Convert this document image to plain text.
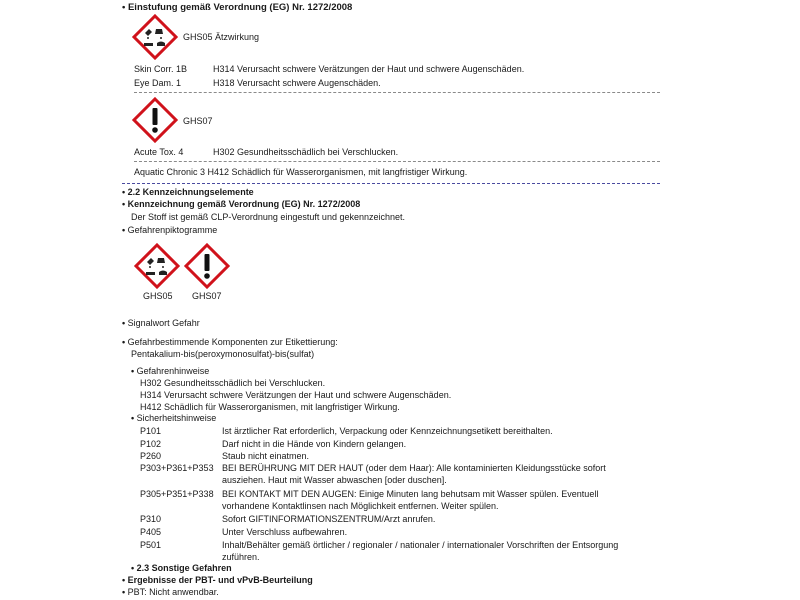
• Einstufung gemäß Verordnung (EG) Nr. 1272/2008
GHS05 Ätzwirkung
Skin Corr. 1B	H314 Verursacht schwere Verätzungen der Haut und schwere Augenschäden.
Eye Dam. 1	H318 Verursacht schwere Augenschäden.
GHS07
Acute Tox. 4	H302 Gesundheitsschädlich bei Verschlucken.
Aquatic Chronic 3 H412 Schädlich für Wasserorganismen, mit langfristiger Wirkung.
• 2.2 Kennzeichnungselemente
• Kennzeichnung gemäß Verordnung (EG) Nr. 1272/2008
Der Stoff ist gemäß CLP-Verordnung eingestuft und gekennzeichnet.
• Gefahrenpiktogramme
GHS05 GHS07
• Signalwort Gefahr
• Gefahrbestimmende Komponenten zur Etikettierung:
Pentakalium-bis(peroxymonosulfat)-bis(sulfat)
• Gefahrenhinweise
H302 Gesundheitsschädlich bei Verschlucken.
H314 Verursacht schwere Verätzungen der Haut und schwere Augenschäden.
H412 Schädlich für Wasserorganismen, mit langfristiger Wirkung.
• Sicherheitshinweise
P101	Ist ärztlicher Rat erforderlich, Verpackung oder Kennzeichnungsetikett bereithalten.
P102	Darf nicht in die Hände von Kindern gelangen.
P260	Staub nicht einatmen.
P303+P361+P353 BEI BERÜHRUNG MIT DER HAUT (oder dem Haar): Alle kontaminierten Kleidungsstücke sofort
ausziehen. Haut mit Wasser abwaschen [oder duschen].
P305+P351+P338 BEI KONTAKT MIT DEN AUGEN: Einige Minuten lang behutsam mit Wasser spülen. Eventuell
vorhandene Kontaktlinsen nach Möglichkeit entfernen. Weiter spülen.
P310	Sofort GIFTINFORMATIONSZENTRUM/Arzt anrufen.
P405	Unter Verschluss aufbewahren.
P501	Inhalt/Behälter gemäß örtlicher / regionaler / nationaler / internationaler Vorschriften der Entsorgung
zuführen.
• 2.3 Sonstige Gefahren
• Ergebnisse der PBT- und vPvB-Beurteilung
• PBT: Nicht anwendbar.
